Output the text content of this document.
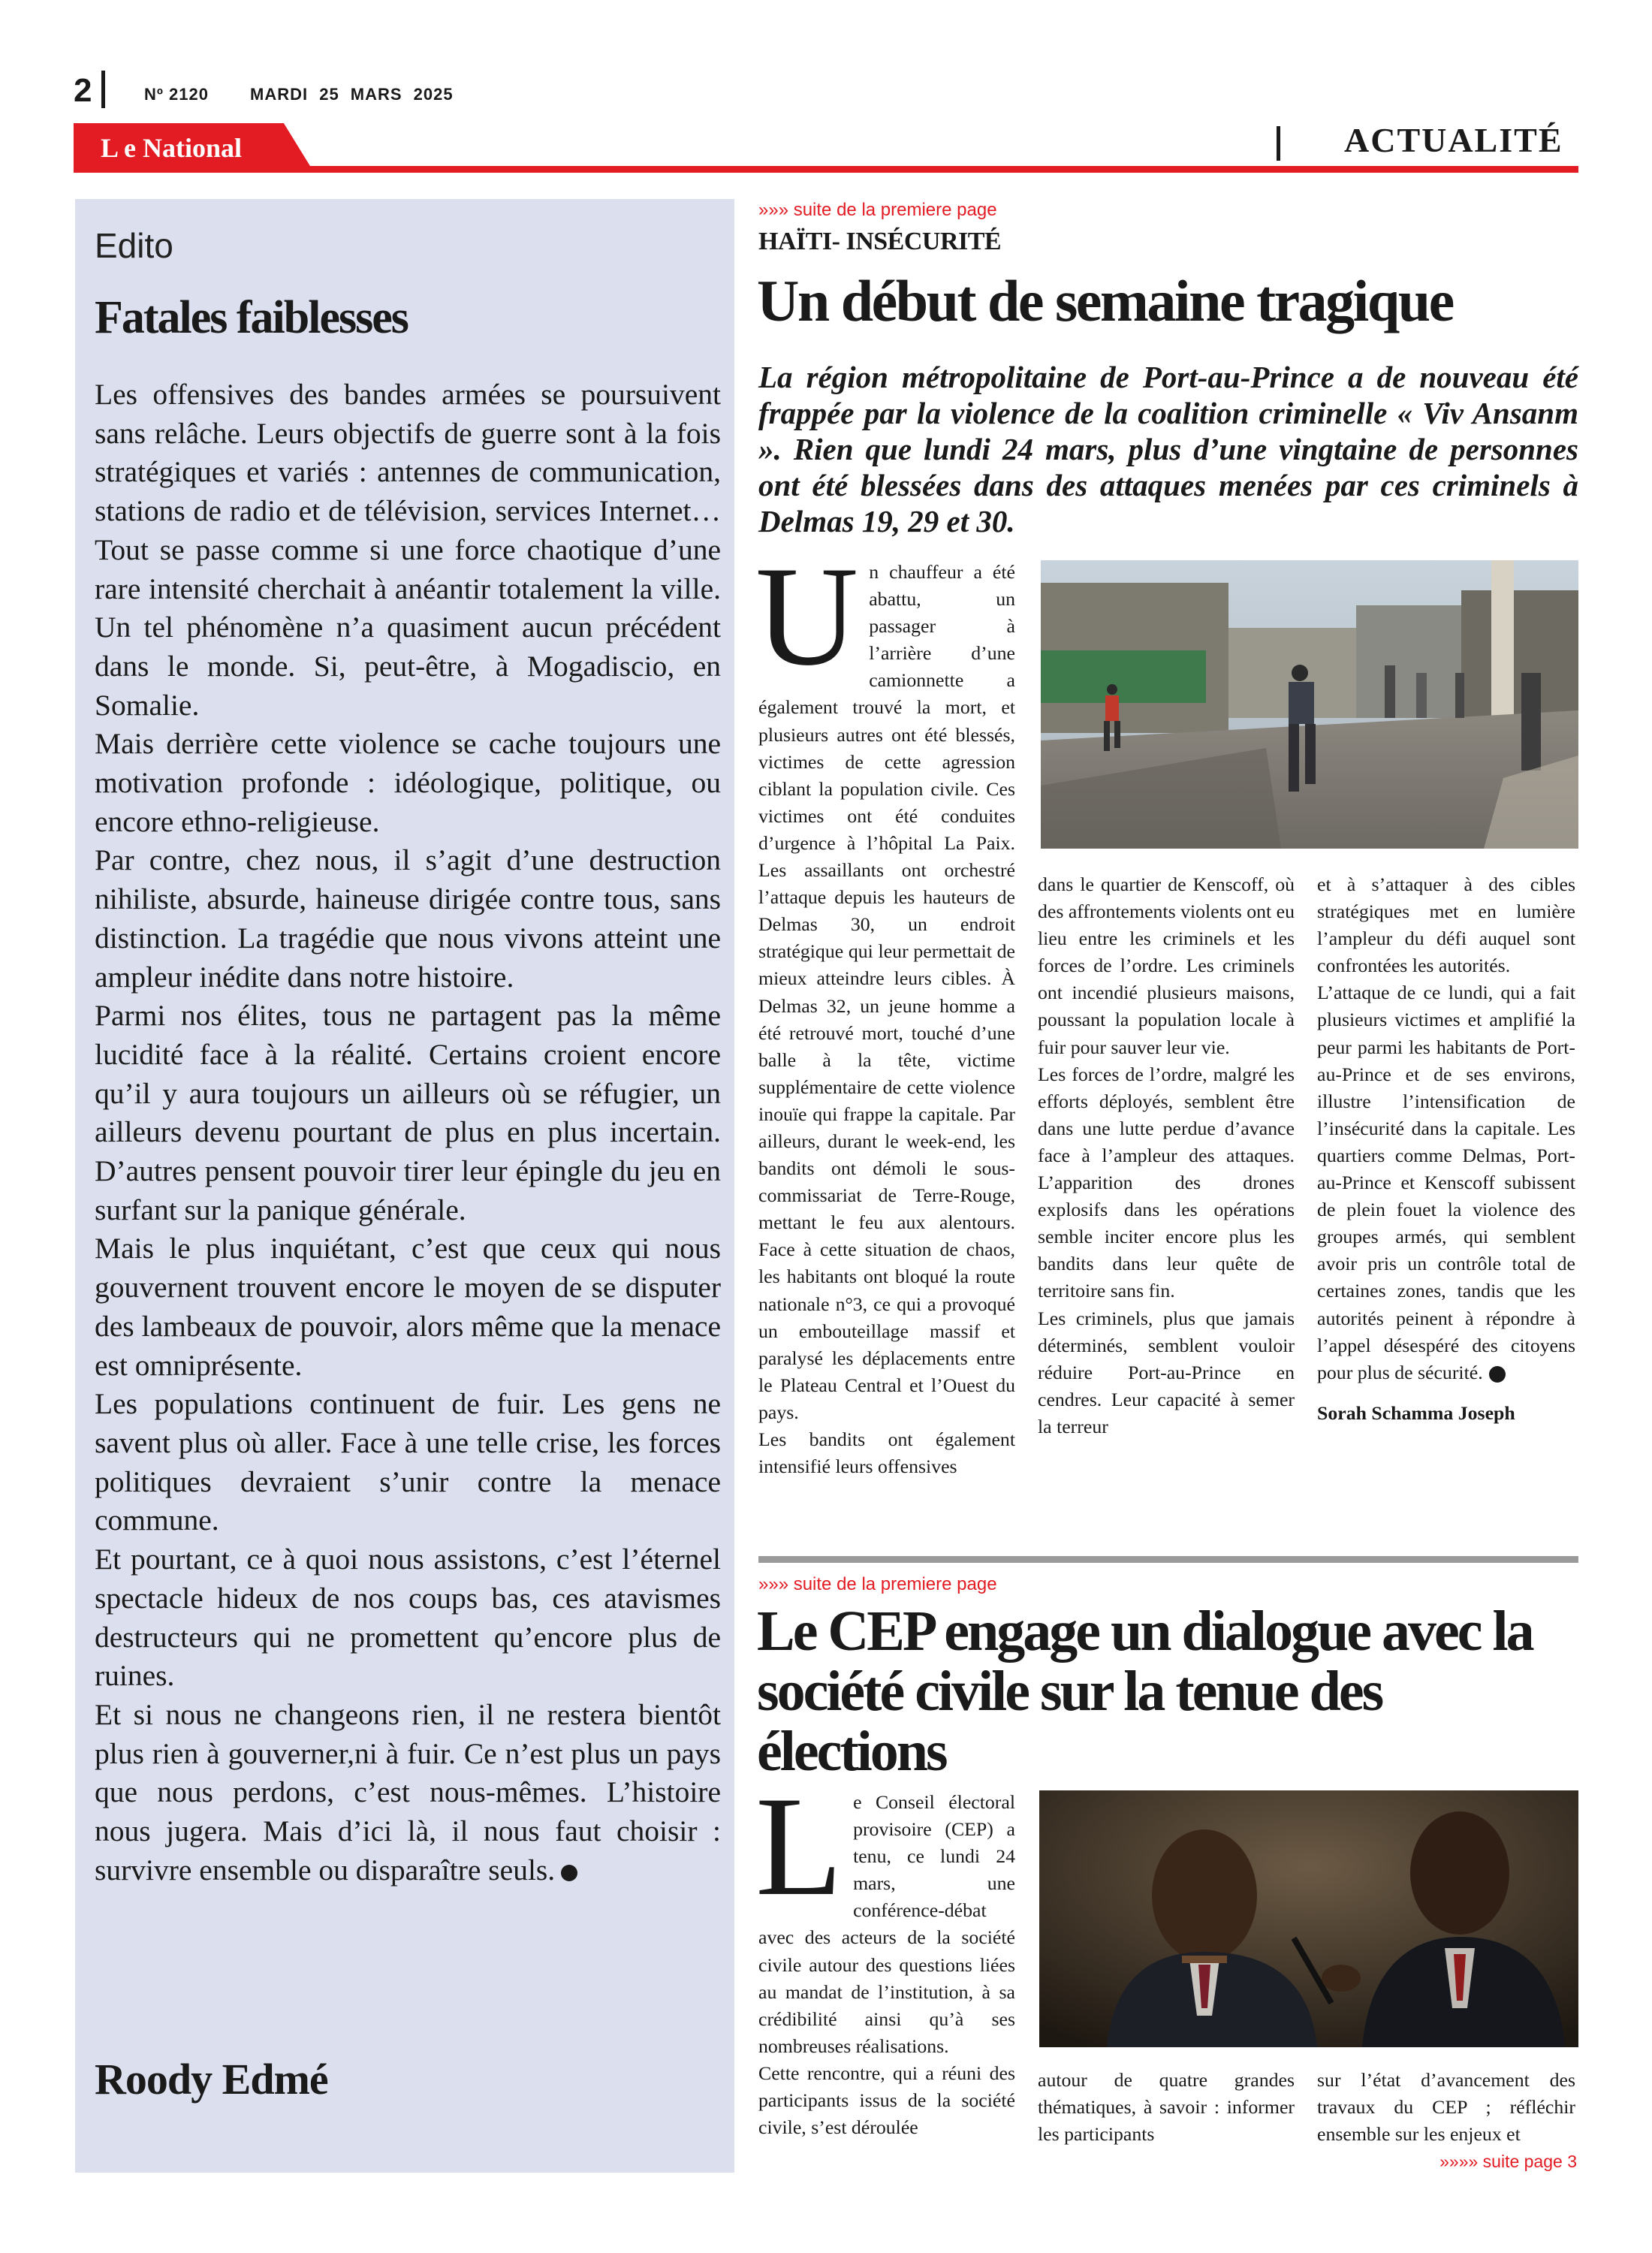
2	Nº 2120	MARDI 25 MARS 2025
L e National	ACTUALITÉ
Edito
Fatales faiblesses

Les offensives des bandes armées se poursuivent sans relâche. Leurs objectifs de guerre sont à la fois stratégiques et variés : antennes de communication, stations de radio et de télévision, services Internet… Tout se passe comme si une force chaotique d’une rare intensité cherchait à anéantir totalement la ville. Un tel phénomène n’a quasiment aucun précédent dans le monde. Si, peut-être, à Mogadiscio, en Somalie.

Mais derrière cette violence se cache toujours une motivation profonde : idéologique, politique, ou encore ethno-religieuse.

Par contre, chez nous, il s’agit d’une destruction nihiliste, absurde, haineuse dirigée contre tous, sans distinction. La tragédie que nous vivons atteint une ampleur inédite dans notre histoire.

Parmi nos élites, tous ne partagent pas la même lucidité face à la réalité. Certains croient encore qu’il y aura toujours un ailleurs où se réfugier, un ailleurs devenu pourtant de plus en plus incertain. D’autres pensent pouvoir tirer leur épingle du jeu en surfant sur la panique générale.

Mais le plus inquiétant, c’est que ceux qui nous gouvernent trouvent encore le moyen de se disputer des lambeaux de pouvoir, alors même que la menace est omniprésente.

Les populations continuent de fuir. Les gens ne savent plus où aller. Face à une telle crise, les forces politiques devraient s’unir contre la menace commune.

Et pourtant, ce à quoi nous assistons, c’est l’éternel spectacle hideux de nos coups bas, ces atavismes destructeurs qui ne promettent qu’encore plus de ruines.

Et si nous ne changeons rien, il ne restera bientôt plus rien à gouverner,ni à fuir. Ce n’est plus un pays que nous perdons, c’est nous-mêmes. L’histoire nous jugera. Mais d’ici là, il nous faut choisir : survivre ensemble ou disparaître seuls.

Roody Edmé
»»» suite de la premiere page
HAÏTI- INSÉCURITÉ
Un début de semaine tragique
La région métropolitaine de Port-au-Prince a de nouveau été frappée par la violence de la coalition criminelle « Viv Ansanm ». Rien que lundi 24 mars, plus d’une vingtaine de personnes ont été blessées dans des attaques menées par ces criminels à Delmas 19, 29 et 30.
U n chauffeur a été abattu, un passager à l’arrière d’une camionnette a également trouvé la mort, et plusieurs autres ont été blessés, victimes de cette agression ciblant la population civile. Ces victimes ont été conduites d’urgence à l’hôpital La Paix. Les assaillants ont orchestré l’attaque depuis les hauteurs de Delmas 30, un endroit stratégique qui leur permettait de mieux atteindre leurs cibles. À Delmas 32, un jeune homme a été retrouvé mort, touché d’une balle à la tête, victime supplémentaire de cette violence inouïe qui frappe la capitale. Par ailleurs, durant le week-end, les bandits ont démoli le sous-commissariat de Terre-Rouge, mettant le feu aux alentours. Face à cette situation de chaos, les habitants ont bloqué la route nationale n°3, ce qui a provoqué un embouteillage massif et paralysé les déplacements entre le Plateau Central et l’Ouest du pays.

Les bandits ont également intensifié leurs offensives

dans le quartier de Kenscoff, où des affrontements violents ont eu lieu entre les criminels et les forces de l’ordre. Les criminels ont incendié plusieurs maisons, poussant la population locale à fuir pour sauver leur vie.

Les forces de l’ordre, malgré les efforts déployés, semblent être dans une lutte perdue d’avance face à l’ampleur des attaques. L’apparition des drones explosifs dans les opérations semble inciter encore plus les bandits dans leur quête de territoire sans fin.

Les criminels, plus que jamais déterminés, semblent vouloir réduire Port-au-Prince en cendres. Leur capacité à semer la terreur

et à s’attaquer à des cibles stratégiques met en lumière l’ampleur du défi auquel sont confrontées les autorités.

L’attaque de ce lundi, qui a fait plusieurs victimes et amplifié la peur parmi les habitants de Port-au-Prince et de ses environs, illustre l’intensification de l’insécurité dans la capitale. Les quartiers comme Delmas, Port-au-Prince et Kenscoff subissent de plein fouet la violence des groupes armés, qui semblent avoir pris un contrôle total de certaines zones, tandis que les autorités peinent à répondre à l’appel désespéré des citoyens pour plus de sécurité.

Sorah Schamma Joseph

»»» suite de la premiere page
Le CEP engage un dialogue avec la société civile sur la tenue des élections
L e Conseil électoral provisoire (CEP) a tenu, ce lundi 24 mars, une conférence-débat avec des acteurs de la société civile autour des questions liées au mandat de l’institution, à sa crédibilité ainsi qu’à ses nombreuses réalisations.

Cette rencontre, qui a réuni des participants issus de la société civile, s’est déroulée

autour de quatre grandes thématiques, à savoir : informer les participants

sur l’état d’avancement des travaux du CEP ; réfléchir ensemble sur les enjeux et

»»»» suite page 3
